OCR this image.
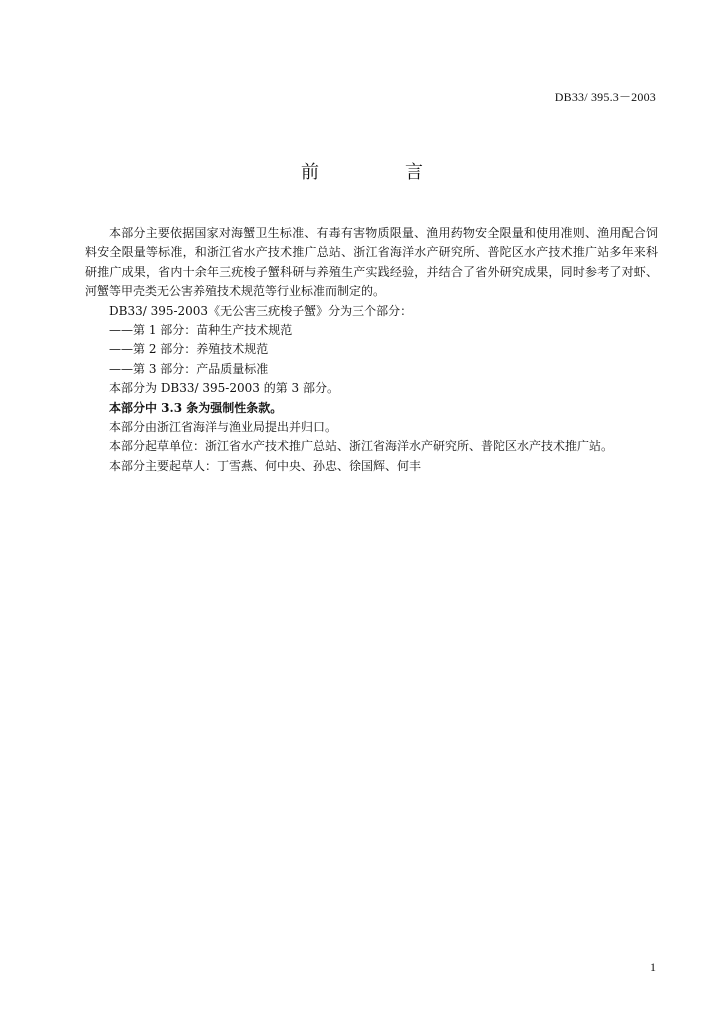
DB33/ 395.3－2003
前　言

本部分主要依据国家对海蟹卫生标准、有毒有害物质限量、渔用药物安全限量和使用准则、渔用配合饲料安全限量等标准，和浙江省水产技术推广总站、浙江省海洋水产研究所、普陀区水产技术推广站多年来科研推广成果，省内十余年三疣梭子蟹科研与养殖生产实践经验，并结合了省外研究成果，同时参考了对虾、河蟹等甲壳类无公害养殖技术规范等行业标准而制定的。

DB33/ 395-2003《无公害三疣梭子蟹》分为三个部分：

——第 1 部分：苗种生产技术规范

——第 2 部分：养殖技术规范

——第 3 部分：产品质量标准

本部分为 DB33/ 395-2003 的第 3 部分。

本部分中 3.3 条为强制性条款。

本部分由浙江省海洋与渔业局提出并归口。

本部分起草单位：浙江省水产技术推广总站、浙江省海洋水产研究所、普陀区水产技术推广站。

本部分主要起草人：丁雪燕、何中央、孙忠、徐国辉、何丰

1
